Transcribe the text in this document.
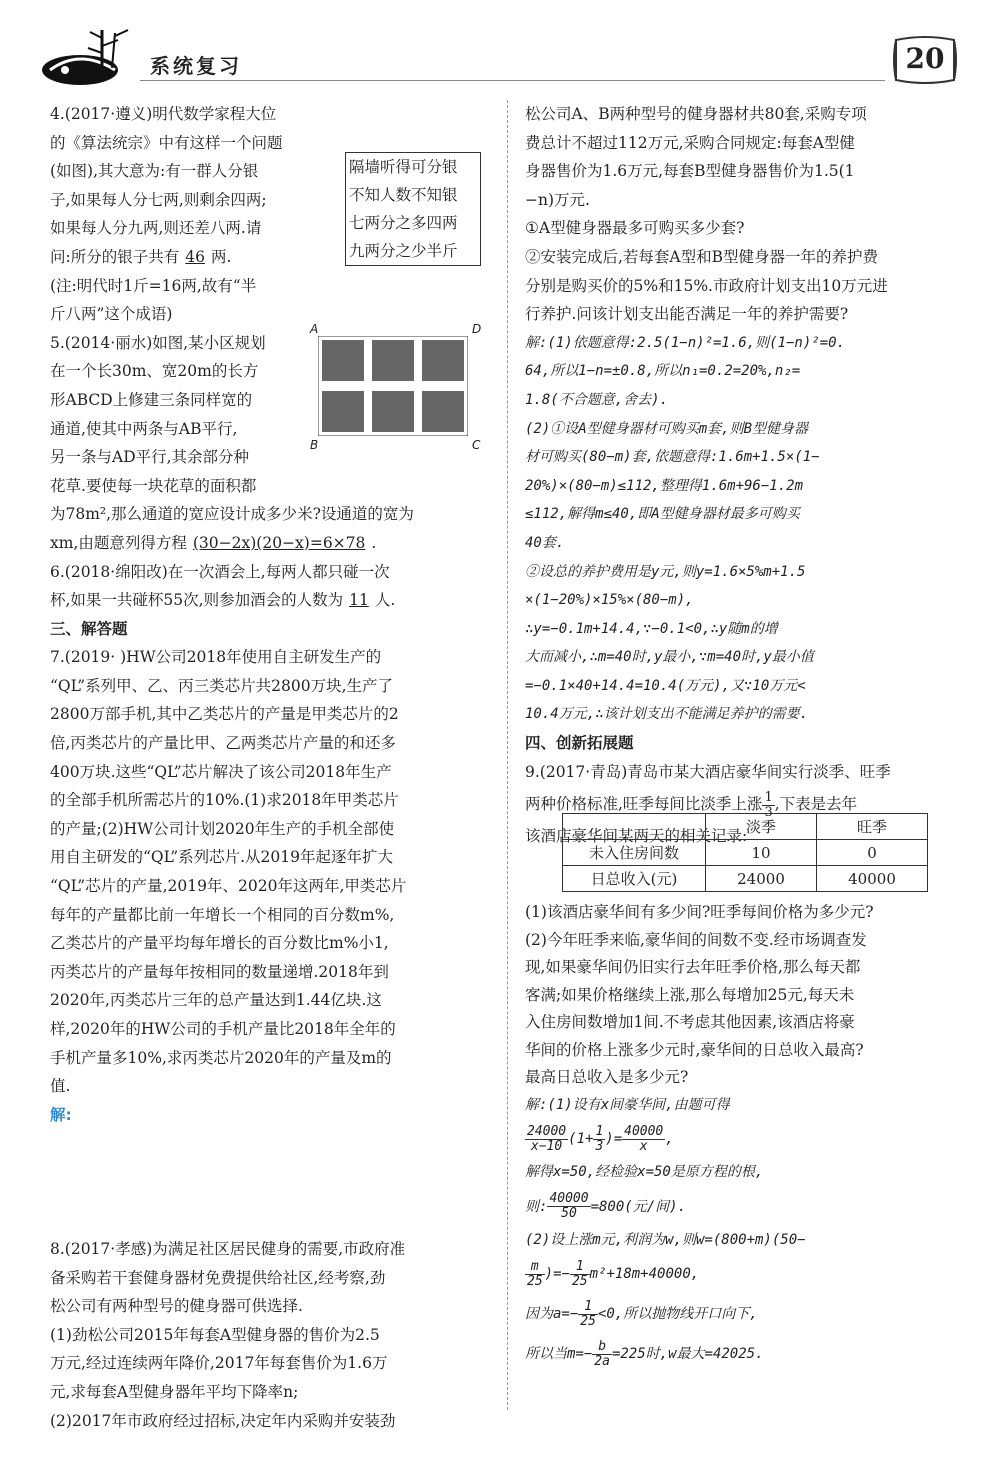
系统复习	20

4.(2017·遵义)明代数学家程大位

的《算法统宗》中有这样一个问题

(如图),其大意为:有一群人分银

子,如果每人分七两,则剩余四两;

如果每人分九两,则还差八两.请

问:所分的银子共有 46 两.

(注:明代时1斤=16两,故有“半

斤八两”这个成语)

5.(2014·丽水)如图,某小区规划

在一个长30m、宽20m的长方

形ABCD上修建三条同样宽的

通道,使其中两条与AB平行,

另一条与AD平行,其余部分种

花草.要使每一块花草的面积都

为78m²,那么通道的宽应设计成多少米?设通道的宽为

xm,由题意列得方程 (30−2x)(20−x)=6×78 .

6.(2018·绵阳改)在一次酒会上,每两人都只碰一次

杯,如果一共碰杯55次,则参加酒会的人数为 11 人.

三、解答题

7.(2019· )HW公司2018年使用自主研发生产的

“QL”系列甲、乙、丙三类芯片共2800万块,生产了

2800万部手机,其中乙类芯片的产量是甲类芯片的2

倍,丙类芯片的产量比甲、乙两类芯片产量的和还多

400万块.这些“QL”芯片解决了该公司2018年生产

的全部手机所需芯片的10%.(1)求2018年甲类芯片

的产量;(2)HW公司计划2020年生产的手机全部使

用自主研发的“QL”系列芯片.从2019年起逐年扩大

“QL”芯片的产量,2019年、2020年这两年,甲类芯片

每年的产量都比前一年增长一个相同的百分数m%,

乙类芯片的产量平均每年增长的百分数比m%小1,

丙类芯片的产量每年按相同的数量递增.2018年到

2020年,丙类芯片三年的总产量达到1.44亿块.这

样,2020年的HW公司的手机产量比2018年全年的

手机产量多10%,求丙类芯片2020年的产量及m的

值.

解:

隔墙听得可分银
不知人数不知银
七两分之多四两
九两分之少半斤
A	D
B	C

8.(2017·孝感)为满足社区居民健身的需要,市政府准

备采购若干套健身器材免费提供给社区,经考察,劲

松公司有两种型号的健身器可供选择.

(1)劲松公司2015年每套A型健身器的售价为2.5

万元,经过连续两年降价,2017年每套售价为1.6万

元,求每套A型健身器年平均下降率n;

(2)2017年市政府经过招标,决定年内采购并安装劲

松公司A、B两种型号的健身器材共80套,采购专项

费总计不超过112万元,采购合同规定:每套A型健

身器售价为1.6万元,每套B型健身器售价为1.5(1

−n)万元.

①A型健身器最多可购买多少套?

②安装完成后,若每套A型和B型健身器一年的养护费

分别是购买价的5%和15%.市政府计划支出10万元进

行养护.问该计划支出能否满足一年的养护需要?

解:(1)依题意得:2.5(1−n)²=1.6,则(1−n)²=0.

64,所以1−n=±0.8,所以n₁=0.2=20%,n₂=

1.8(不合题意,舍去).

(2)①设A型健身器材可购买m套,则B型健身器

材可购买(80−m)套,依题意得:1.6m+1.5×(1−

20%)×(80−m)≤112,整理得1.6m+96−1.2m

≤112,解得m≤40,即A型健身器材最多可购买

40套.

②设总的养护费用是y元,则y=1.6×5%m+1.5

×(1−20%)×15%×(80−m),

∴y=−0.1m+14.4,∵−0.1<0,∴y随m的增

大而减小,∴m=40时,y最小,∵m=40时,y最小值

=−0.1×40+14.4=10.4(万元),又∵10万元<

10.4万元,∴该计划支出不能满足养护的需要.

四、创新拓展题

9.(2017·青岛)青岛市某大酒店豪华间实行淡季、旺季

两种价格标准,旺季每间比淡季上涨 $\frac{1}{3}$ ,下表是去年

该酒店豪华间某两天的相关记录:

	淡季	旺季
未入住房间数	10	0
日总收入(元)	24000	40000

(1)该酒店豪华间有多少间?旺季每间价格为多少元?

(2)今年旺季来临,豪华间的间数不变.经市场调查发

现,如果豪华间仍旧实行去年旺季价格,那么每天都

客满;如果价格继续上涨,那么每增加25元,每天未

入住房间数增加1间.不考虑其他因素,该酒店将豪

华间的价格上涨多少元时,豪华间的日总收入最高?

最高日总收入是多少元?

解:(1)设有x间豪华间,由题可得

$\frac{24000}{x-10} (1+ \frac{1}{3}$ )= $\frac{40000}{x}$ ,

解得x=50,经检验x=50是原方程的根,

则: $\frac{40000}{50} =800$(元/间).

(2)设上涨m元,利润为w,则w=(800+m)(50−

$\frac{m}{25}$ )=− $\frac{1}{25} m^2+18m+40000$,

因为$a=- \frac{1}{25} <0$,所以抛物线开口向下,

所以当$m=- \frac{b}{2a} =225$时,w最大=42025.
